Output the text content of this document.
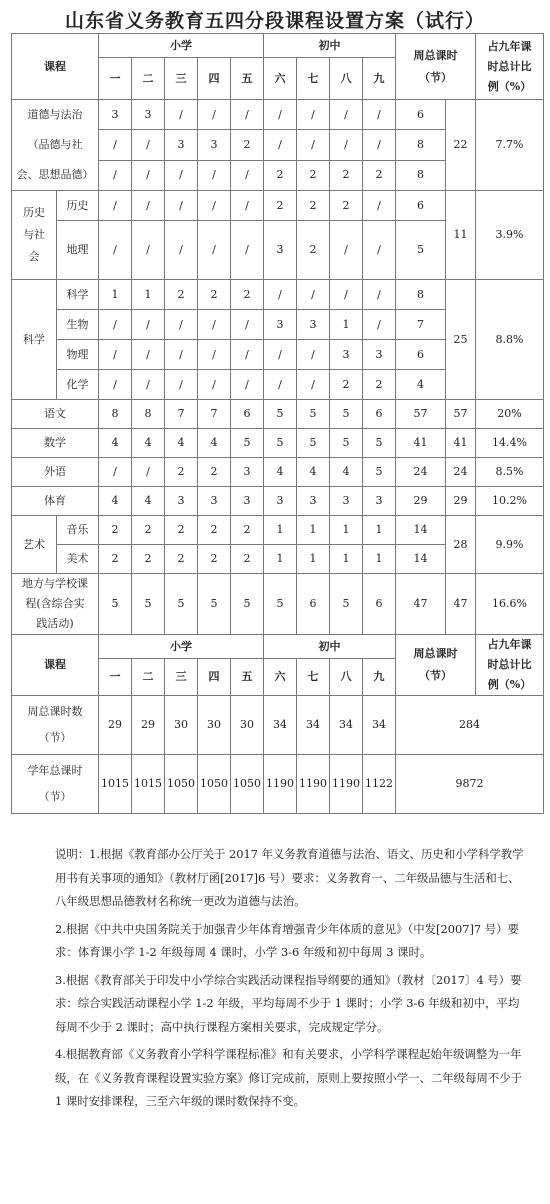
山东省义务教育五四分段课程设置方案（试行）
课程		小学					初中				周总课时
（节）		占九年课
时总计比
例（%）
		一	二	三	四	五	六	七	八	九			
道德与法治
（品德与社
会、思想品德）		3	3	/	/	/	/	/	/	/	6	22	7.7%
		/	/	3	3	2	/	/	/	/	8		
		/	/	/	/	/	2	2	2	2	8		
历史
与社
会	历史	/	/	/	/	/	2	2	2	/	6	11	3.9%
	地理	/	/	/	/	/	3	2	/	/	5		
科学	科学	1	1	2	2	2	/	/	/	/	8	25	8.8%
	生物	/	/	/	/	/	3	3	1	/	7		
	物理	/	/	/	/	/	/	/	3	3	6		
	化学	/	/	/	/	/	/	/	2	2	4		
语文		8	8	7	7	6	5	5	5	6	57	57	20%
数学		4	4	4	4	5	5	5	5	5	41	41	14.4%
外语		/	/	2	2	3	4	4	4	5	24	24	8.5%
体育		4	4	3	3	3	3	3	3	3	29	29	10.2%
艺术	音乐	2	2	2	2	2	1	1	1	1	14	28	9.9%
	美术	2	2	2	2	2	1	1	1	1	14		
地方与学校课
程(含综合实
践活动)		5	5	5	5	5	5	6	5	6	47	47	16.6%
课程		小学					初中				周总课时
（节）		占九年课
时总计比
例（%）
		一	二	三	四	五	六	七	八	九			
周总课时数
（节）		29	29	30	30	30	34	34	34	34	284		
学年总课时
（节）		1015	1015	1050	1050	1050	1190	1190	1190	1122	9872		

说明：1.根据《教育部办公厅关于 2017 年义务教育道德与法治、语文、历史和小学科学教学用书有关事项的通知》（教材厅函[2017]6 号）要求：义务教育一、二年级品德与生活和七、八年级思想品德教材名称统一更改为道德与法治。

2.根据《中共中央国务院关于加强青少年体育增强青少年体质的意见》（中发[2007]7 号）要求：体育课小学 1-2 年级每周 4 课时，小学 3-6 年级和初中每周 3 课时。

3.根据《教育部关于印发中小学综合实践活动课程指导纲要的通知》（教材〔2017〕4 号）要求：综合实践活动课程小学 1-2 年级，平均每周不少于 1 课时；小学 3-6 年级和初中，平均每周不少于 2 课时；高中执行课程方案相关要求，完成规定学分。

4.根据教育部《义务教育小学科学课程标准》和有关要求，小学科学课程起始年级调整为一年级，在《义务教育课程设置实验方案》修订完成前，原则上要按照小学一、二年级每周不少于 1 课时安排课程，三至六年级的课时数保持不变。
